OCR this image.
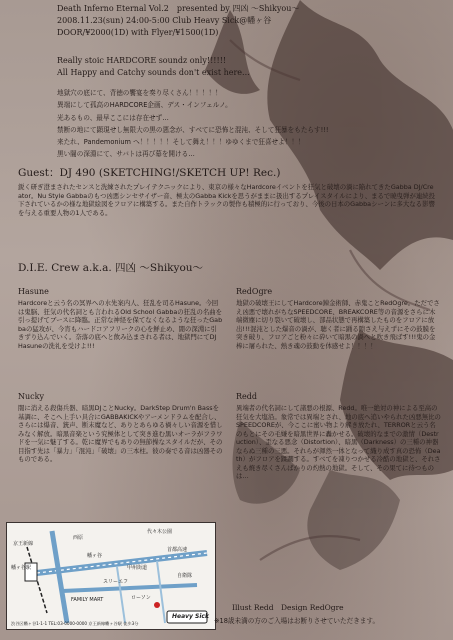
Death Inferno Eternal Vol.2　presented by 四凶 ～Shikyou～
2008.11.23(sun) 24:00-5:00 Club Heavy Sick@幡ヶ谷
DOOR/¥2000(1D) with Flyer/¥1500(1D)
Really stoic HARDCORE soundz only!!!!!!
All Happy and Catchy sounds don't exist here...
地獄穴の底にて、背徳の饗宴を奏り尽くさん！！！！！
異端にして孤高のHARDCORE企画、デス・インフェルノ。
光あるもの、最早ここには存在せず…
禁断の地にて顕現せし無限大の黒の悪念が、すべてに恐怖と混沌、そして狂暴をもたらす!!!
来たれ、Pandemonium へ！！！！！そして舞え！！！ゆゆくまで狂喜せよ！！！
黒い闇の深淵にて、サバトは再び幕を開ける…
Guest：DJ 490 (SKETCHING!/SKETCH UP! Rec.)
鋭く研ぎ澄まされたセンスと洗練されたプレイテクニックにより、東京の様々なHardcoreイベントを狂気と破壊の渦に陥れてきたGabba DJ/Creator。Nu Style Gabbaのもつ凶悪シンセサイザー音、極太のGabba Kickを思うがままに扱出するプレイスタイルにより、まるで暁曳弾が連続投下されているかの様な地獄絵図をフロアに構築する。また自作トラックの製作も積極的に行っており、今後の日本のGabbaシーンに多大なる影響を与える重要人物の1人である。
D.I.E. Crew a.k.a. 四凶 ～Shikyou～
Hasune
Hardcoreと云う名の冥界への水先案内人、狂乱を司るHasune。今回は鬼脳、狂気の代名詞とも言われるOld School Gabbaの狂乱の名曲を引っ提げてブースに降臨。正常な神経を保てなくなるような狂ったGabbaの猛攻が、今宵もハードコアフリークの心を鮮止め、闇の深淵に引きずり込んでいく。奈落の底へと飲み込まされる者は、地獄門にてDJ Hasuneの洗礼を受けよ!!!
RedOgre
地獄の破壊王にしてHardcore錬金術師、赤鬼ことRedOgre。ただでさえ凶悪で壊れがちなSPEEDCORE、BREAKCORE等の音源をさらに木端微塵に切り裂いて破壊し、部品状態で再構築したものをフロアに放出!!!混沌とした爆音の渦が、聴く者に踊る隙さえ与えずにその鼓膜を突き破り、フロアごと粉々に砕いて暗黒の渦へと吹き飛ばす!!!鬼の金棒に屠られた、熱き魂の鼓動を体感せよ！！！！
Nucky
闇に消える殺傷兵器、暗黒DJことNucky。DarkStep Drum'n Bassを基調に、そこへ上手い具合にGABBAKICKやアーメンドラムを配合し、さらには爆音、銃声、断末魔など、ありとあらゆる禍々しい音源を惜しみなく解放。暗黒音楽という究極体として突き進む黒いオーラがフラワドを一気に魅了する。乾に魔界でもありの無節操なスタイルだが、その目指す先は「暴力」「混沌」「破壊」の三本柱。彼の奏でる音は凶器そのものである。
Redd
異端者の代名詞にして諸悪の根源、Redd。唯一絶対の神による至高の狂気を大塩沿。象常では異端とされ、地の底へ追いやられた凶悪無比のSPEEDCOREが、今ここに蜜い物より解き放たれ、TERRORと云う名のもとにその毛嫌を暗黒世界に轟かせる。破壊的なまでの激情（Destruction）、歪なる悪念（Distortion）、暗黒（Darkness）の三種の神器ならぬ三種の三悪。それらが渾然一体となって織り成す真の恐怖（Death）がフロアを蹂躙する。すべてを凍りつかせる冷酷の地獄と、それさえも焼き尽くさんばかりの灼熱の地獄。そして、その果てに待つものは…
幡ヶ谷駅
京王新線
西原
甲州街道
首都高速
幡ヶ谷
代々木公園
FAMILY MART
スリーエフ
ローソン
自衛隊
Heavy Sick
渋谷区幡ヶ谷1-1-1 TEL:03-0000-0000 京王新線幡ヶ谷駅 徒歩3分
Illust Redd　Design RedOgre
※18歳未満の方のご入場はお断りさせていただきます。
